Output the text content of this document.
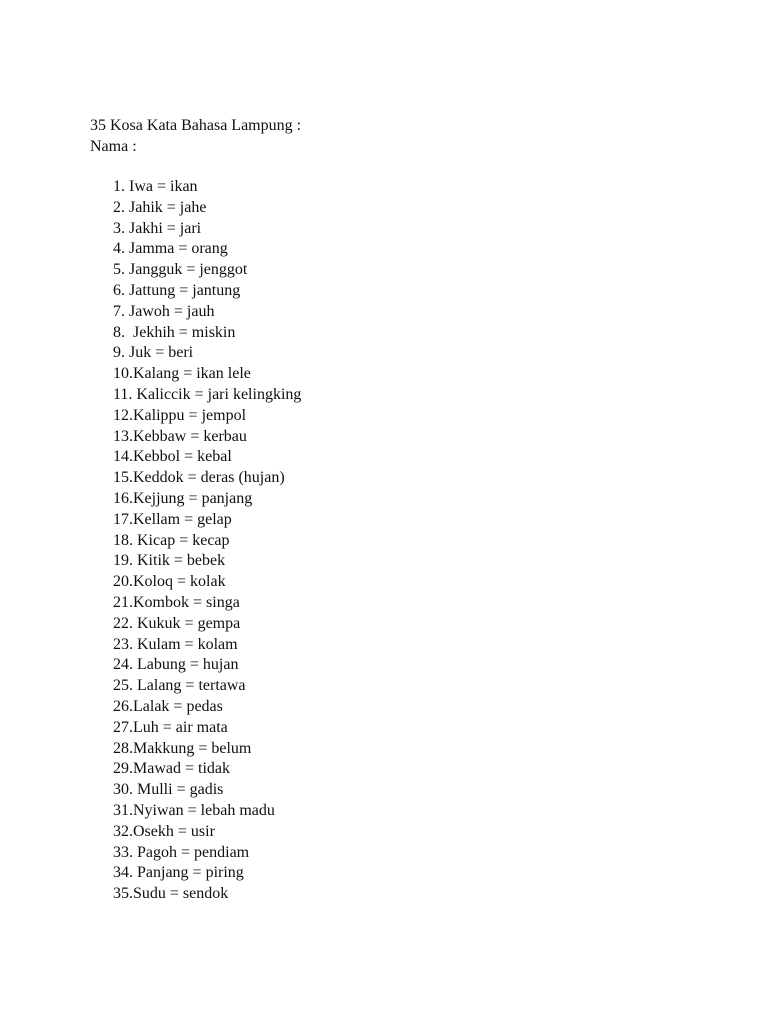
35 Kosa Kata Bahasa Lampung :
Nama :
1. Iwa = ikan
2. Jahik = jahe
3. Jakhi = jari
4. Jamma = orang
5. Jangguk = jenggot
6. Jattung = jantung
7. Jawoh = jauh
8.  Jekhih = miskin
9. Juk = beri
10.Kalang = ikan lele
11. Kaliccik = jari kelingking
12.Kalippu = jempol
13.Kebbaw = kerbau
14.Kebbol = kebal
15.Keddok = deras (hujan)
16.Kejjung = panjang
17.Kellam = gelap
18. Kicap = kecap
19. Kitik = bebek
20.Koloq = kolak
21.Kombok = singa
22. Kukuk = gempa
23. Kulam = kolam
24. Labung = hujan
25. Lalang = tertawa
26.Lalak = pedas
27.Luh = air mata
28.Makkung = belum
29.Mawad = tidak
30. Mulli = gadis
31.Nyiwan = lebah madu
32.Osekh = usir
33. Pagoh = pendiam
34. Panjang = piring
35.Sudu = sendok
